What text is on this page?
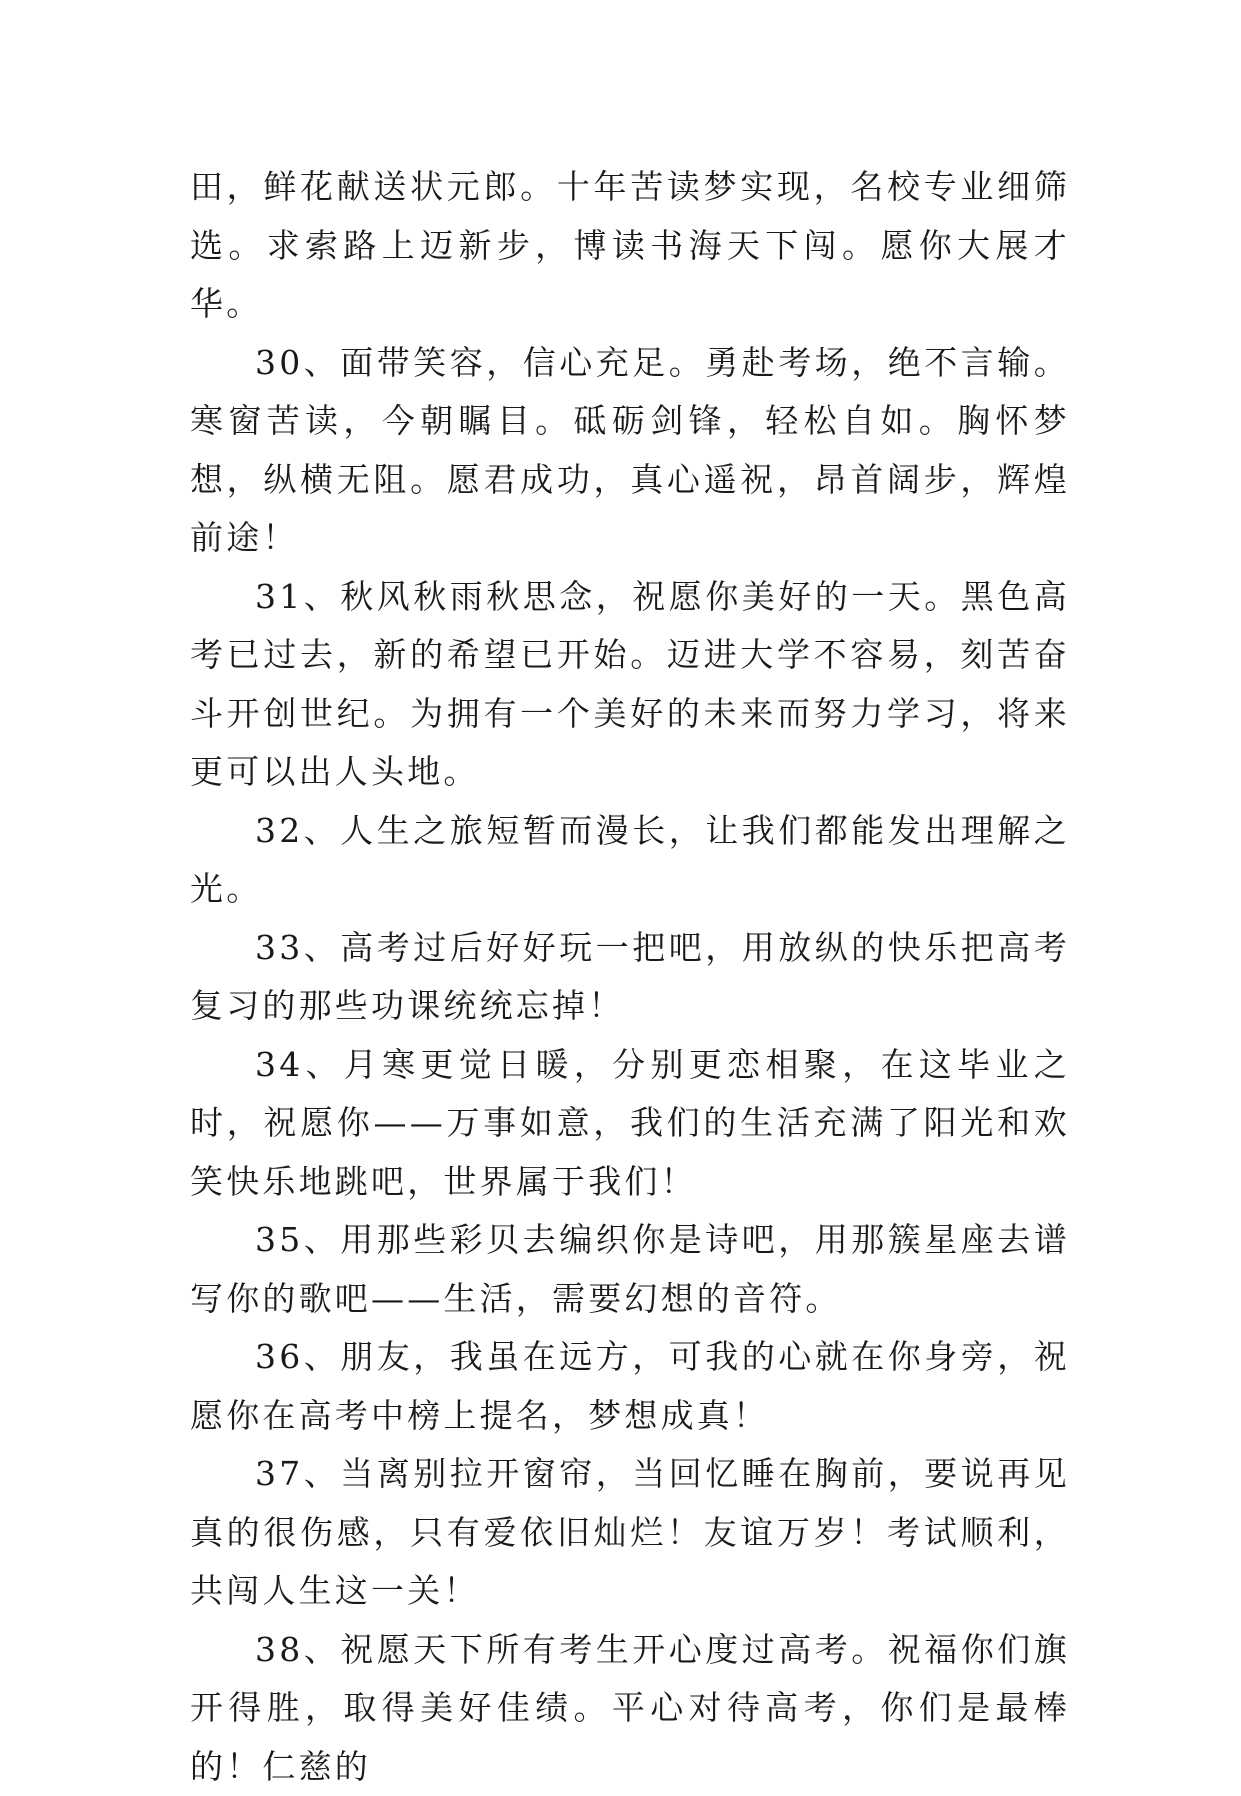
田，鲜花献送状元郎。十年苦读梦实现，名校专业细筛选。求索路上迈新步，博读书海天下闯。愿你大展才华。

30、面带笑容，信心充足。勇赴考场，绝不言输。寒窗苦读，今朝瞩目。砥砺剑锋，轻松自如。胸怀梦想，纵横无阻。愿君成功，真心遥祝，昂首阔步，辉煌前途！

31、秋风秋雨秋思念，祝愿你美好的一天。黑色高考已过去，新的希望已开始。迈进大学不容易，刻苦奋斗开创世纪。为拥有一个美好的未来而努力学习，将来更可以出人头地。

32、人生之旅短暂而漫长，让我们都能发出理解之光。

33、高考过后好好玩一把吧，用放纵的快乐把高考复习的那些功课统统忘掉！

34、月寒更觉日暖，分别更恋相聚，在这毕业之时，祝愿你——万事如意，我们的生活充满了阳光和欢笑快乐地跳吧，世界属于我们！

35、用那些彩贝去编织你是诗吧，用那簇星座去谱写你的歌吧——生活，需要幻想的音符。

36、朋友，我虽在远方，可我的心就在你身旁，祝愿你在高考中榜上提名，梦想成真！

37、当离别拉开窗帘，当回忆睡在胸前，要说再见真的很伤感，只有爱依旧灿烂！友谊万岁！考试顺利，共闯人生这一关！

38、祝愿天下所有考生开心度过高考。祝福你们旗开得胜，取得美好佳绩。平心对待高考，你们是最棒的！仁慈的
